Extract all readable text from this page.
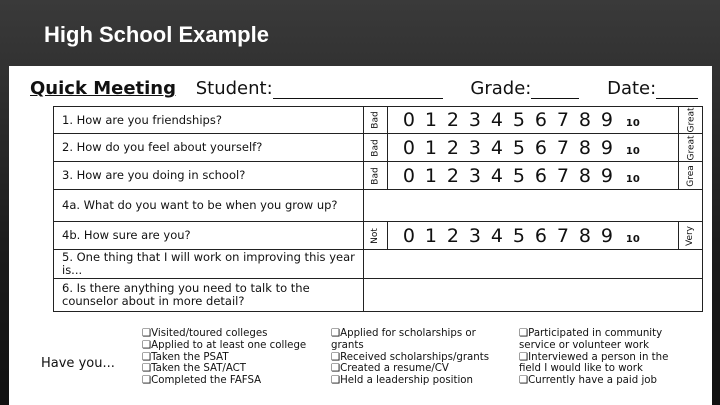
High School Example
Quick Meeting Student:	Grade:	Date:
1. How are you friendships?	Bad	0 1 2 3 4 5 6 7 8 9 10	Great
2. How do you feel about yourself?	Bad	0 1 2 3 4 5 6 7 8 9 10	Great
3. How are you doing in school?	Bad	0 1 2 3 4 5 6 7 8 9 10	Grea
4a. What do you want to be when you grow up?			
4b. How sure are you?	Not	0 1 2 3 4 5 6 7 8 9 10	Very
5. One thing that I will work on improving this year is...			
6. Is there anything you need to talk to the counselor about in more detail?			
Have you...
❑Visited/toured colleges
❑Applied to at least one college
❑Taken the PSAT
❑Taken the SAT/ACT
❑Completed the FAFSA
❑Applied for scholarships or
grants
❑Received scholarships/grants
❑Created a resume/CV
❑Held a leadership position
❑Participated in community
service or volunteer work
❑Interviewed a person in the
field I would like to work
❑Currently have a paid job
